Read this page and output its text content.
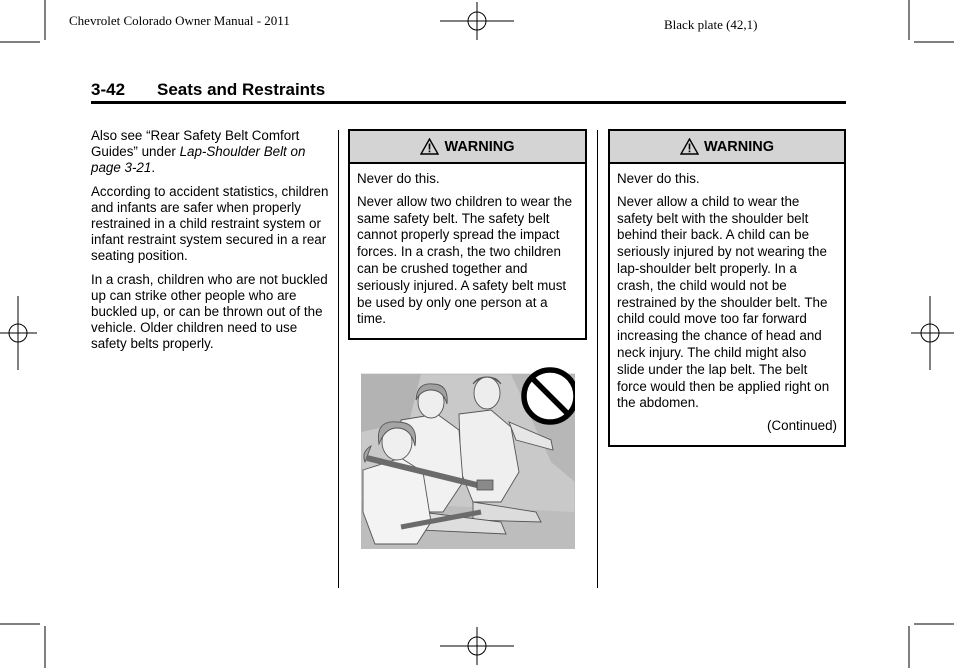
Chevrolet Colorado Owner Manual - 2011	Black plate (42,1)
3-42 Seats and Restraints

Also see “Rear Safety Belt Comfort Guides” under Lap-Shoulder Belt on page 3-21.

According to accident statistics, children and infants are safer when properly restrained in a child restraint system or infant restraint system secured in a rear seating position.

In a crash, children who are not buckled up can strike other people who are buckled up, or can be thrown out of the vehicle. Older children need to use safety belts properly.

WARNING

Never do this.

Never allow two children to wear the same safety belt. The safety belt cannot properly spread the impact forces. In a crash, the two children can be crushed together and seriously injured. A safety belt must be used by only one person at a time.

WARNING

Never do this.

Never allow a child to wear the safety belt with the shoulder belt behind their back. A child can be seriously injured by not wearing the lap-shoulder belt properly. In a crash, the child would not be restrained by the shoulder belt. The child could move too far forward increasing the chance of head and neck injury. The child might also slide under the lap belt. The belt force would then be applied right on the abdomen.

(Continued)
